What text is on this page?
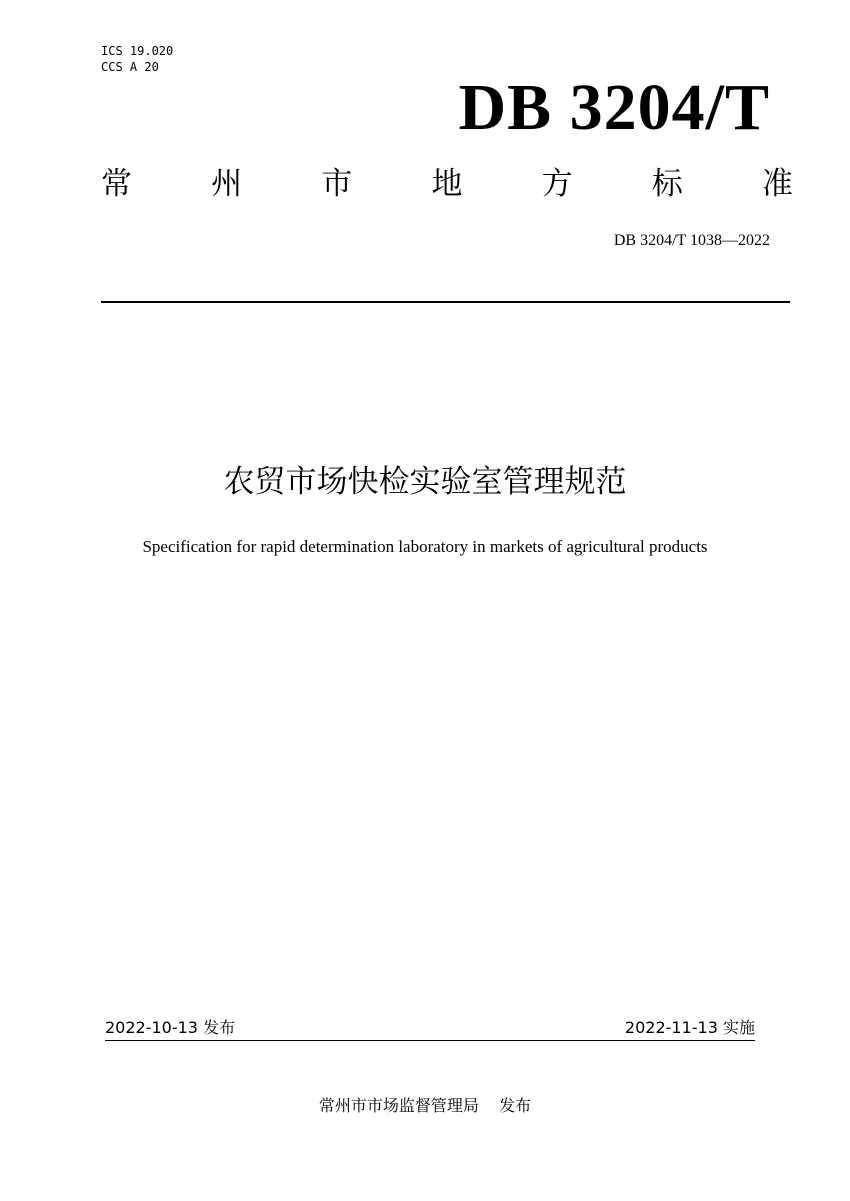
ICS 19.020
CCS A 20
DB 3204/T
常	州	市	地	方	标	准
DB 3204/T 1038—2022
农贸市场快检实验室管理规范
Specification for rapid determination laboratory in markets of agricultural products
2022-10-13 发布	2022-11-13 实施
常州市市场监督管理局 发布
